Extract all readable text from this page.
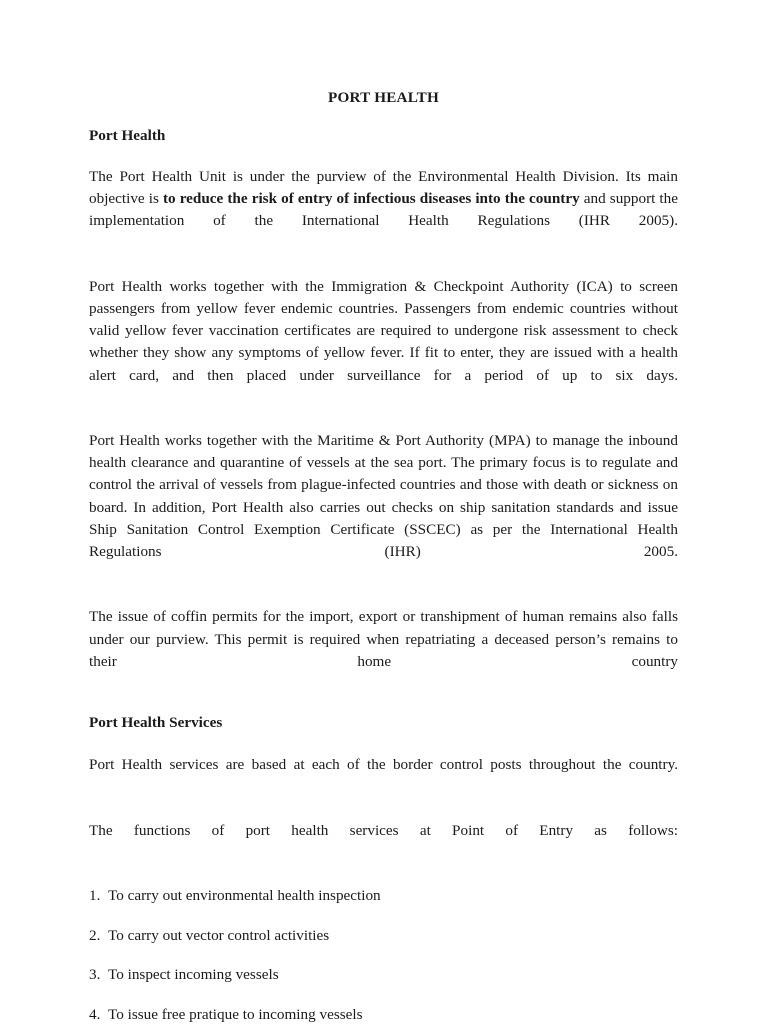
PORT HEALTH
Port Health

The Port Health Unit is under the purview of the Environmental Health Division. Its main objective is to reduce the risk of entry of infectious diseases into the country and support the implementation of the International Health Regulations (IHR 2005).

Port Health works together with the Immigration & Checkpoint Authority (ICA) to screen passengers from yellow fever endemic countries. Passengers from endemic countries without valid yellow fever vaccination certificates are required to undergone risk assessment to check whether they show any symptoms of yellow fever. If fit to enter, they are issued with a health alert card, and then placed under surveillance for a period of up to six days.

Port Health works together with the Maritime & Port Authority (MPA) to manage the inbound health clearance and quarantine of vessels at the sea port. The primary focus is to regulate and control the arrival of vessels from plague-infected countries and those with death or sickness on board. In addition, Port Health also carries out checks on ship sanitation standards and issue Ship Sanitation Control Exemption Certificate (SSCEC) as per the International Health Regulations (IHR) 2005.

The issue of coffin permits for the import, export or transhipment of human remains also falls under our purview. This permit is required when repatriating a deceased person’s remains to their home country

Port Health Services

Port Health services are based at each of the border control posts throughout the country.

The functions of port health services at Point of Entry as follows:

1. To carry out environmental health inspection
2. To carry out vector control activities
3. To inspect incoming vessels
4. To issue free pratique to incoming vessels
